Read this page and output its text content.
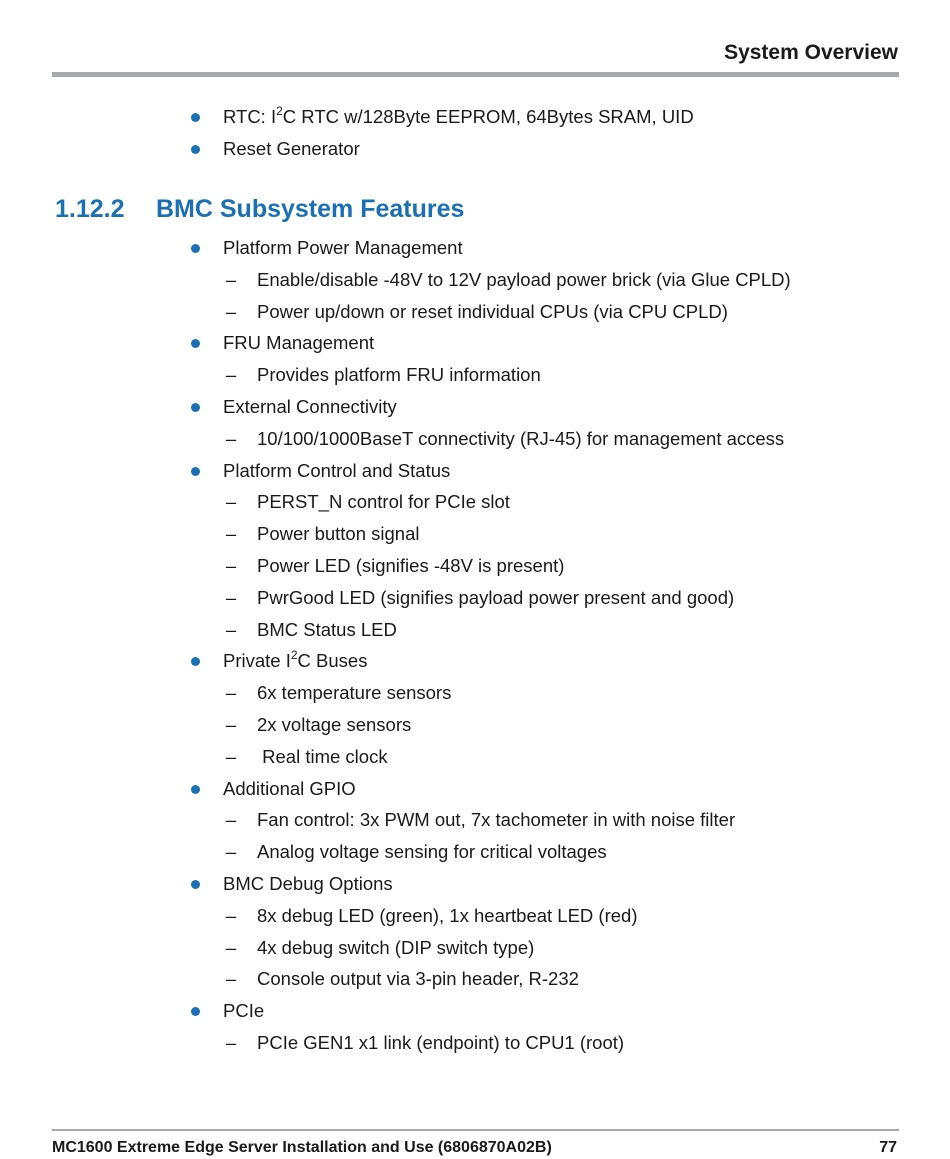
System Overview
RTC: $I^2C$ RTC w/128Byte EEPROM, 64Bytes SRAM, UID
Reset Generator
1.12.2 BMC Subsystem Features
Platform Power Management
– Enable/disable -48V to 12V payload power brick (via Glue CPLD)
– Power up/down or reset individual CPUs (via CPU CPLD)
FRU Management
– Provides platform FRU information
External Connectivity
– 10/100/1000BaseT connectivity (RJ-45) for management access
Platform Control and Status
– PERST_N control for PCIe slot
– Power button signal
– Power LED (signifies -48V is present)
– PwrGood LED (signifies payload power present and good)
– BMC Status LED
Private $I^2C$ Buses
– 6x temperature sensors
– 2x voltage sensors
– Real time clock
Additional GPIO
– Fan control: 3x PWM out, 7x tachometer in with noise filter
– Analog voltage sensing for critical voltages
BMC Debug Options
– 8x debug LED (green), 1x heartbeat LED (red)
– 4x debug switch (DIP switch type)
– Console output via 3-pin header, R-232
PCIe
– PCIe GEN1 x1 link (endpoint) to CPU1 (root)
MC1600 Extreme Edge Server Installation and Use (6806870A02B)	77
